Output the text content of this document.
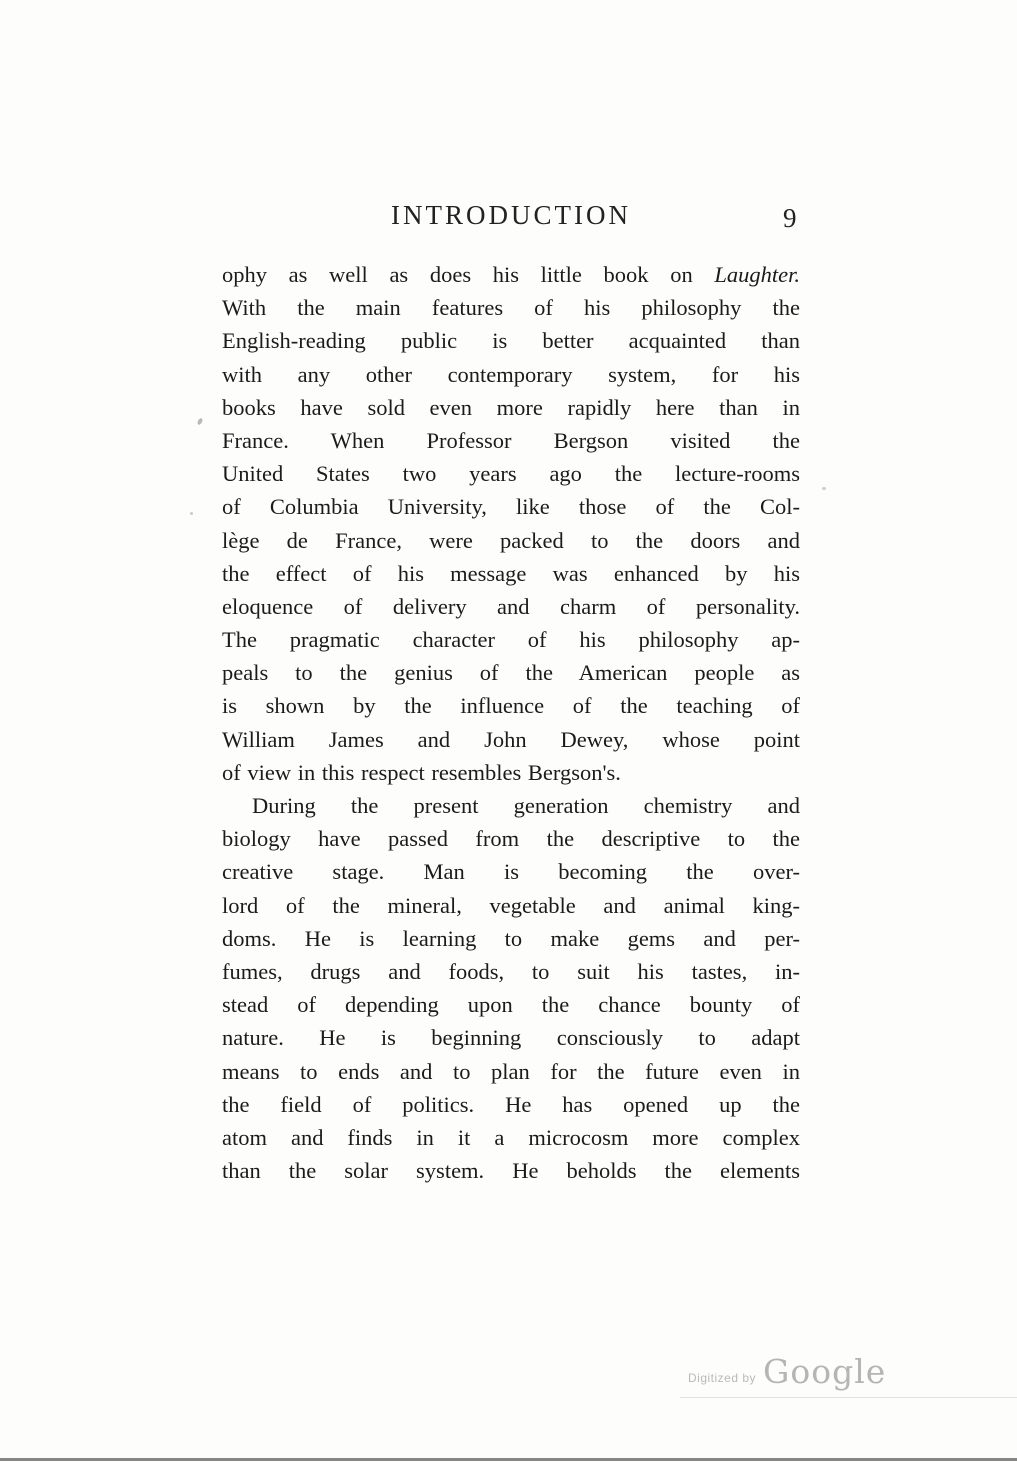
INTRODUCTION	9
ophy as well as does his little book on Laughter.
With the main features of his philosophy the
English-reading public is better acquainted than
with any other contemporary system, for his
books have sold even more rapidly here than in
France. When Professor Bergson visited the
United States two years ago the lecture-rooms
of Columbia University, like those of the Col-
lège de France, were packed to the doors and
the effect of his message was enhanced by his
eloquence of delivery and charm of personality.
The pragmatic character of his philosophy ap-
peals to the genius of the American people as
is shown by the influence of the teaching of
William James and John Dewey, whose point
of view in this respect resembles Bergson's.
During the present generation chemistry and
biology have passed from the descriptive to the
creative stage. Man is becoming the over-
lord of the mineral, vegetable and animal king-
doms. He is learning to make gems and per-
fumes, drugs and foods, to suit his tastes, in-
stead of depending upon the chance bounty of
nature. He is beginning consciously to adapt
means to ends and to plan for the future even in
the field of politics. He has opened up the
atom and finds in it a microcosm more complex
than the solar system. He beholds the elements
Digitized by Google
